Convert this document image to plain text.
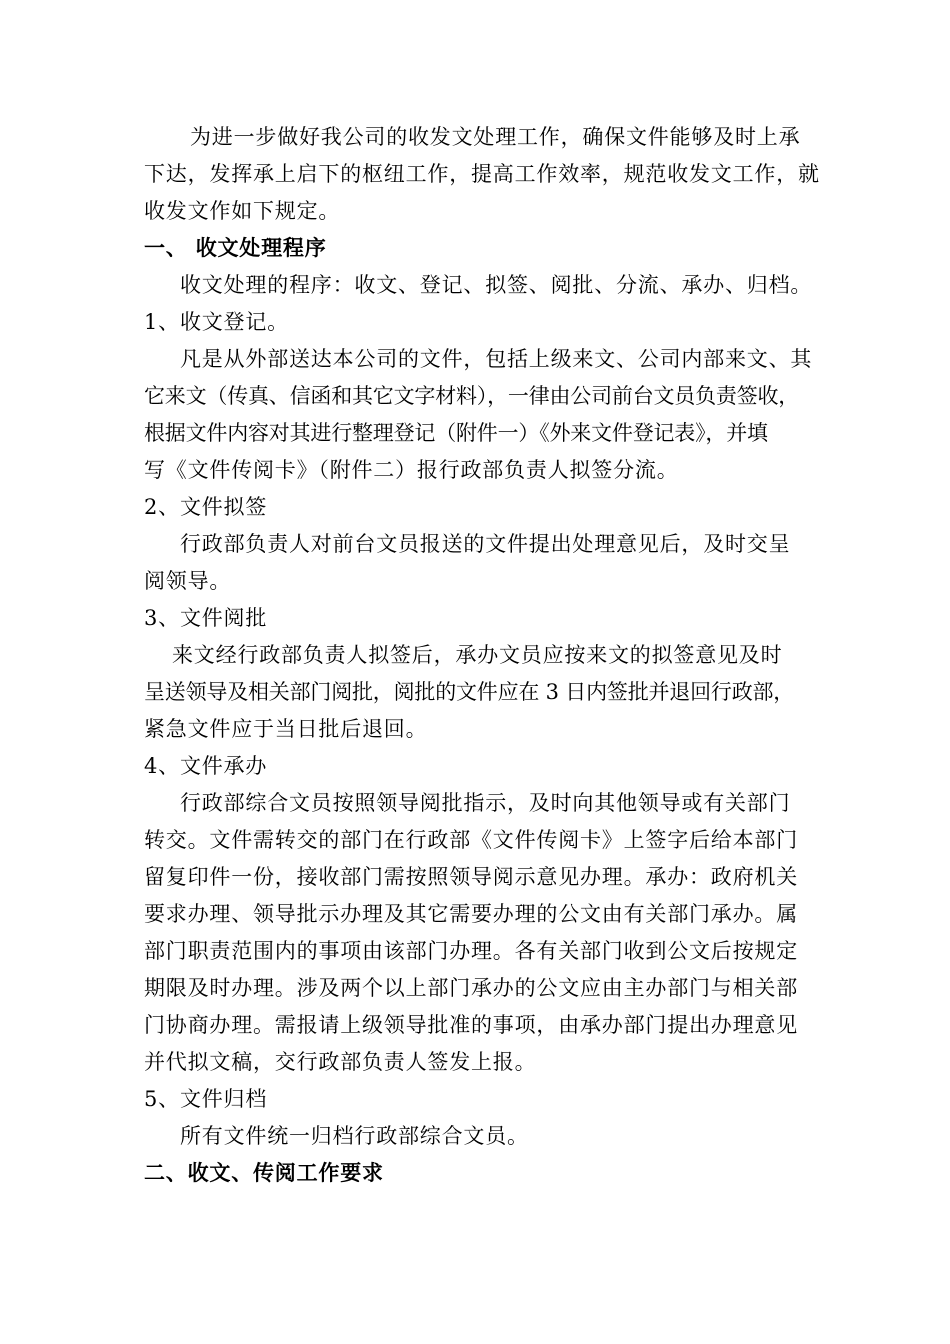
为进一步做好我公司的收发文处理工作，确保文件能够及时上承
下达，发挥承上启下的枢纽工作，提高工作效率，规范收发文工作，就
收发文作如下规定。
一、 收文处理程序
收文处理的程序：收文、登记、拟签、阅批、分流、承办、归档。
1、收文登记。
凡是从外部送达本公司的文件，包括上级来文、公司内部来文、其
它来文（传真、信函和其它文字材料），一律由公司前台文员负责签收，
根据文件内容对其进行整理登记（附件一）《外来文件登记表》，并填
写《文件传阅卡》（附件二）报行政部负责人拟签分流。
2、文件拟签
行政部负责人对前台文员报送的文件提出处理意见后，及时交呈
阅领导。
3、文件阅批
来文经行政部负责人拟签后，承办文员应按来文的拟签意见及时
呈送领导及相关部门阅批，阅批的文件应在 3 日内签批并退回行政部，
紧急文件应于当日批后退回。
4、文件承办
行政部综合文员按照领导阅批指示，及时向其他领导或有关部门
转交。文件需转交的部门在行政部《文件传阅卡》上签字后给本部门
留复印件一份，接收部门需按照领导阅示意见办理。承办：政府机关
要求办理、领导批示办理及其它需要办理的公文由有关部门承办。属
部门职责范围内的事项由该部门办理。各有关部门收到公文后按规定
期限及时办理。涉及两个以上部门承办的公文应由主办部门与相关部
门协商办理。需报请上级领导批准的事项，由承办部门提出办理意见
并代拟文稿，交行政部负责人签发上报。
5、文件归档
所有文件统一归档行政部综合文员。
二、收文、传阅工作要求
